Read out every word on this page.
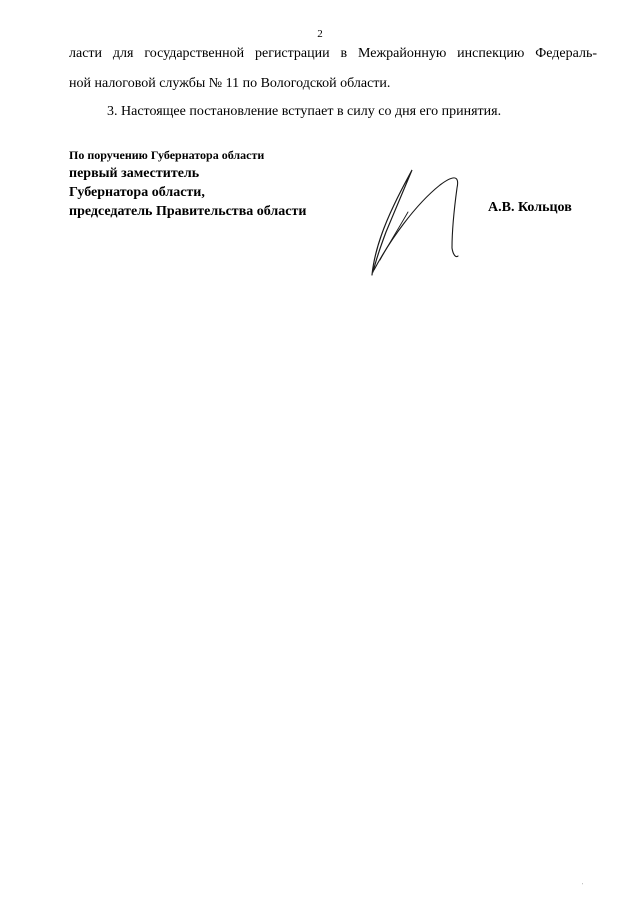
2
ласти для государственной регистрации в Межрайонную инспекцию Федераль-
ной налоговой службы № 11 по Вологодской области.
3. Настоящее постановление вступает в силу со дня его принятия.
По поручению Губернатора области
первый заместитель
Губернатора области,
председатель Правительства области	А.В. Кольцов
'
